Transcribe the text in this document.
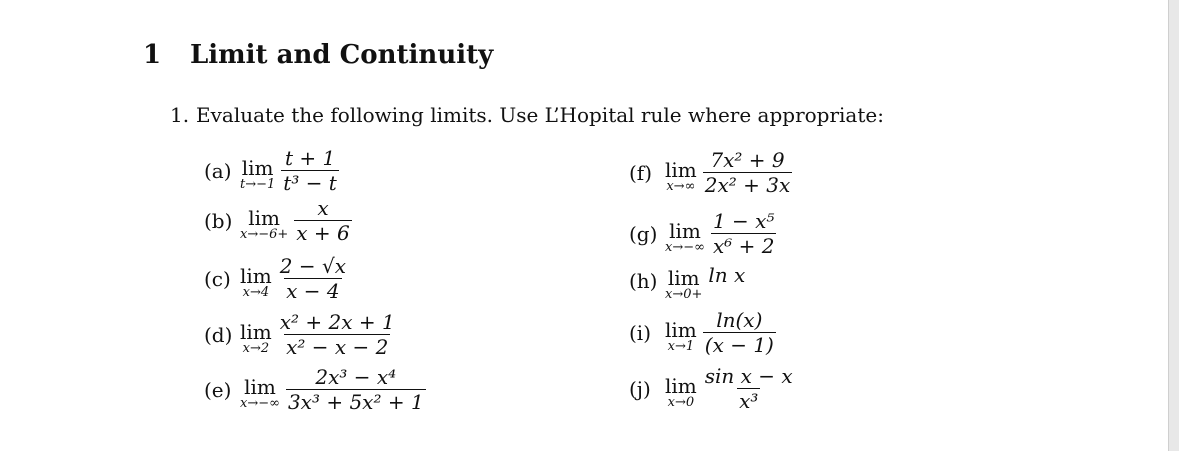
1 Limit and Continuity
1. Evaluate the following limits. Use L’Hopital rule where appropriate:
(a) lim
$t\to-1 \frac{t + 1}{\text{t³ − t}}$
(b) lim
$x\to-6+ \frac{x}{x + 6}$
(c) lim
$x\to 4 \frac{2 - √x}{x - 4}$
(d) lim
$x\to 2 \frac{\text{x² + 2x + 1}}{\text{x² − x − 2}}$
(e) lim
$x\to-\infty \frac{\text{2x³ − x⁴}}{\text{3x³ + 5x² + 1}}$
(f) lim
$x\to\infty \frac{\text{7x² + 9}}{\text{2x² + 3x}}$
(g) lim
$x\to-\infty \frac{\text{1 − x⁵}}{\text{x⁶ + 2}}$
(h) lim
x→0+
ln x
(i) lim
$x\to 1 \frac{\ln(x)}{(x - 1)}$
(j) lim
$x\to 0 \frac{\text{sin x − x}}{\text{x³}}$
